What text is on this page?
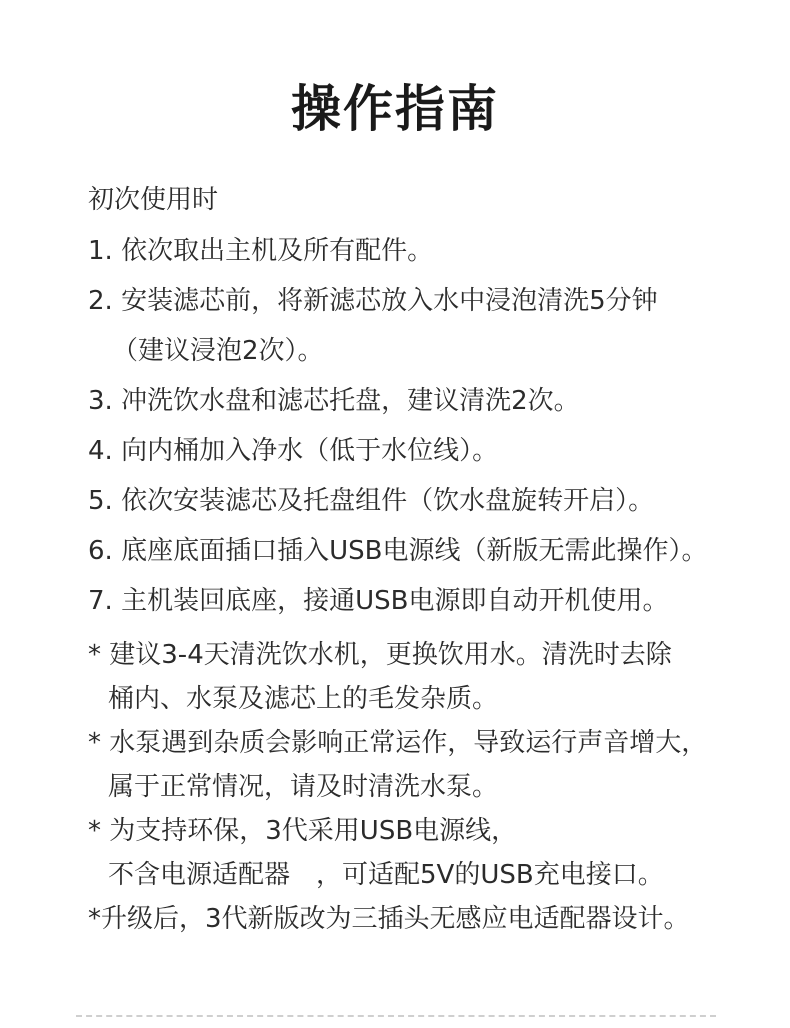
操作指南
初次使用时
1. 依次取出主机及所有配件。
2. 安装滤芯前，将新滤芯放入水中浸泡清洗5分钟
（建议浸泡2次）。
3. 冲洗饮水盘和滤芯托盘，建议清洗2次。
4. 向内桶加入净水（低于水位线）。
5. 依次安装滤芯及托盘组件（饮水盘旋转开启）。
6. 底座底面插口插入USB电源线（新版无需此操作）。
7. 主机装回底座，接通USB电源即自动开机使用。
* 建议3-4天清洗饮水机，更换饮用水。清洗时去除
桶内、水泵及滤芯上的毛发杂质。
* 水泵遇到杂质会影响正常运作，导致运行声音增大，
属于正常情况，请及时清洗水泵。
* 为支持环保，3代采用USB电源线，
不含电源适配器　，可适配5V的USB充电接口。
*升级后，3代新版改为三插头无感应电适配器设计。
